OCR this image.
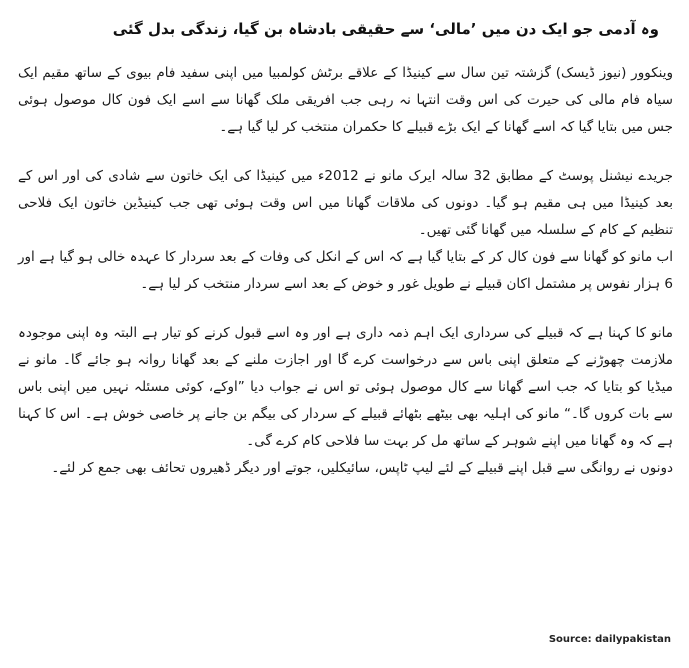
وہ آدمی جو ایک دن میں ’مالی‘ سے حقیقی بادشاہ بن گیا، زندگی بدل گئی

وینکوور (نیوز ڈیسک) گزشتہ تین سال سے کینیڈا کے علاقے برٹش کولمبیا میں اپنی سفید فام بیوی کے ساتھ مقیم ایک سیاہ فام مالی کی حیرت کی اس وقت انتہا نہ رہی جب افریقی ملک گھانا سے اسے ایک فون کال موصول ہوئی جس میں بتایا گیا کہ اسے گھانا کے ایک بڑے قبیلے کا حکمران منتخب کر لیا گیا ہے۔

جریدے نیشنل پوسٹ کے مطابق 32 سالہ ایرک مانو نے 2012ء میں کینیڈا کی ایک خاتون سے شادی کی اور اس کے بعد کینیڈا میں ہی مقیم ہو گیا۔ دونوں کی ملاقات گھانا میں اس وقت ہوئی تھی جب کینیڈین خاتون ایک فلاحی تنظیم کے کام کے سلسلہ میں گھانا گئی تھیں۔

اب مانو کو گھانا سے فون کال کر کے بتایا گیا ہے کہ اس کے انکل کی وفات کے بعد سردار کا عہدہ خالی ہو گیا ہے اور 6 ہزار نفوس پر مشتمل اکان قبیلے نے طویل غور و خوض کے بعد اسے سردار منتخب کر لیا ہے۔

مانو کا کہنا ہے کہ قبیلے کی سرداری ایک اہم ذمہ داری ہے اور وہ اسے قبول کرنے کو تیار ہے البتہ وہ اپنی موجودہ ملازمت چھوڑنے کے متعلق اپنی باس سے درخواست کرے گا اور اجازت ملنے کے بعد گھانا روانہ ہو جائے گا۔ مانو نے میڈیا کو بتایا کہ جب اسے گھانا سے کال موصول ہوئی تو اس نے جواب دیا ”اوکے، کوئی مسئلہ نہیں میں اپنی باس سے بات کروں گا۔“ مانو کی اہلیہ بھی بیٹھے بٹھائے قبیلے کے سردار کی بیگم بن جانے پر خاصی خوش ہے۔ اس کا کہنا ہے کہ وہ گھانا میں اپنے شوہر کے ساتھ مل کر بہت سا فلاحی کام کرے گی۔

دونوں نے روانگی سے قبل اپنے قبیلے کے لئے لیپ ٹاپس، سائیکلیں، جوتے اور دیگر ڈھیروں تحائف بھی جمع کر لئے۔

Source: dailypakistan
